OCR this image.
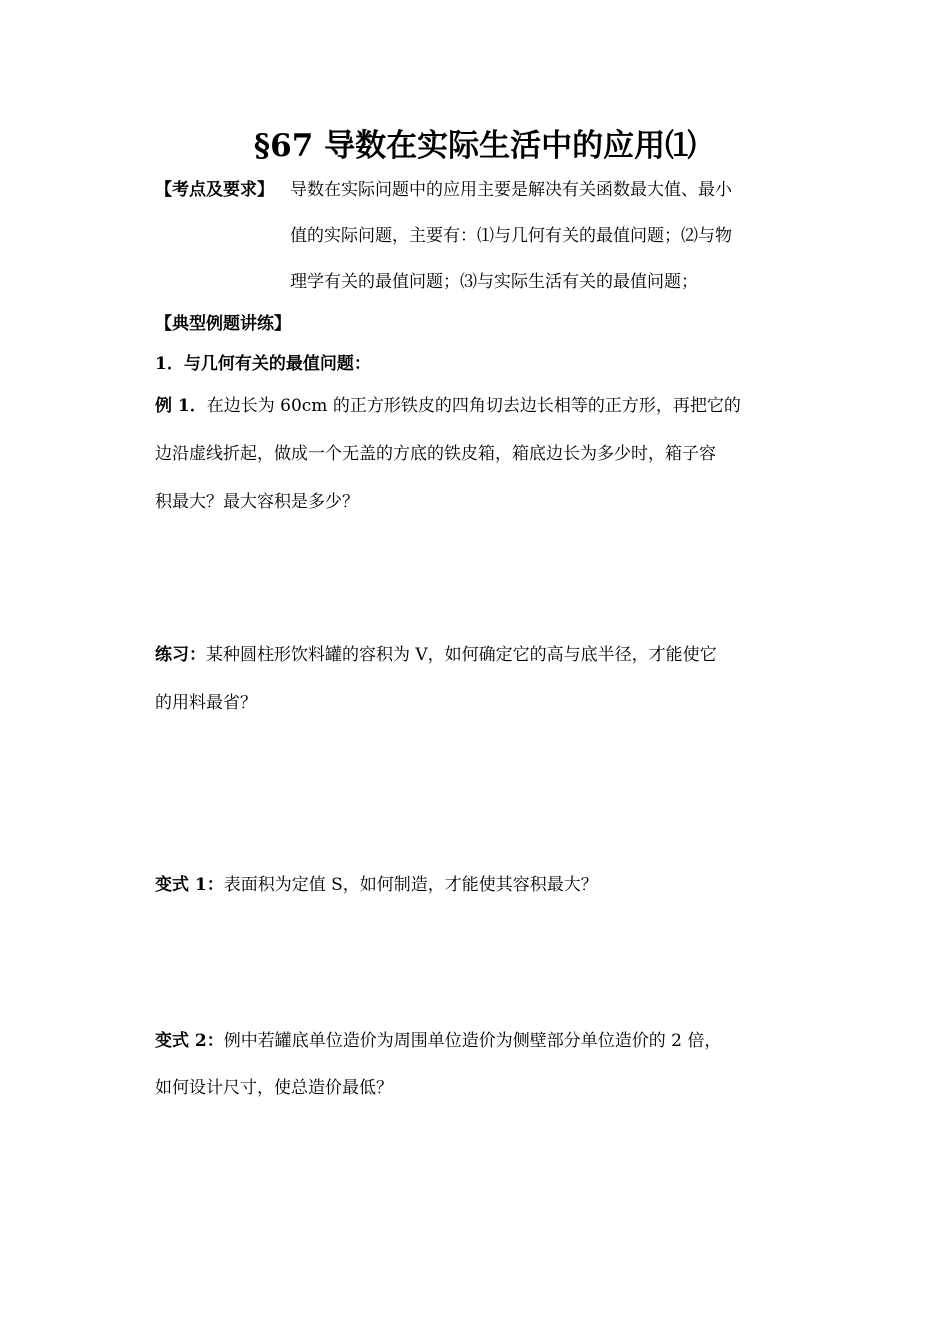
§67 导数在实际生活中的应用⑴
【考点及要求】 导数在实际问题中的应用主要是解决有关函数最大值、最小
值的实际问题，主要有：⑴与几何有关的最值问题；⑵与物
理学有关的最值问题；⑶与实际生活有关的最值问题；
【典型例题讲练】
1．与几何有关的最值问题：
例 1．在边长为 60cm 的正方形铁皮的四角切去边长相等的正方形，再把它的
边沿虚线折起，做成一个无盖的方底的铁皮箱，箱底边长为多少时，箱子容
积最大？最大容积是多少？
练习：某种圆柱形饮料罐的容积为 V，如何确定它的高与底半径，才能使它
的用料最省？
变式 1：表面积为定值 S，如何制造，才能使其容积最大？
变式 2：例中若罐底单位造价为周围单位造价为侧壁部分单位造价的 2 倍，
如何设计尺寸，使总造价最低？
